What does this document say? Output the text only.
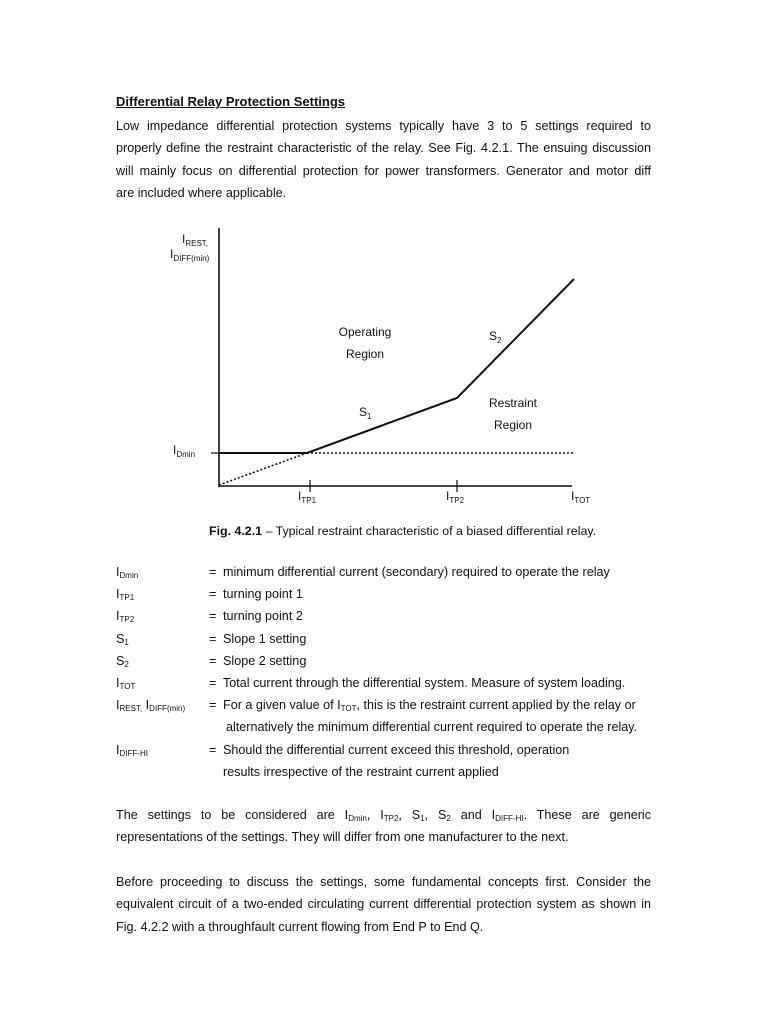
Differential Relay Protection Settings
Low impedance differential protection systems typically have 3 to 5 settings required to
properly define the restraint characteristic of the relay. See Fig. 4.2.1. The ensuing discussion
will mainly focus on differential protection for power transformers. Generator and motor diff
are included where applicable.
$I_{REST,}$
$I_{DIFF(min)}$
$I_{Dmin}$
Operating
Region
Restraint
Region
$S_1$
$S_2$
$I_{TP1}$	$I_{TP2}$	$I_{TOT}$
Fig. 4.2.1 – Typical restraint characteristic of a biased differential relay.
$I_{Dmin}$	= minimum differential current (secondary) required to operate the relay
$I_{TP1}$	= turning point 1
$I_{TP2}$	= turning point 2
$S_1$	= Slope 1 setting
$S_2$	= Slope 2 setting
$I_{TOT}$	= Total current through the differential system. Measure of system loading.
$I_{REST,}$ $I_{DIFF(min)}$ = For a given value of $I_{TOT}$, this is the restraint current applied by the relay or
alternatively the minimum differential current required to operate the relay.
$I_{DIFF-HI}$	= Should the differential current exceed this threshold, operation
results irrespective of the restraint current applied
The settings to be considered are $I_{Dmin}$, $I_{TP2}$, $S_1$, $S_2$ and $I_{DIFF-HI}$. These are generic
representations of the settings. They will differ from one manufacturer to the next.
Before proceeding to discuss the settings, some fundamental concepts first. Consider the
equivalent circuit of a two-ended circulating current differential protection system as shown in
Fig. 4.2.2 with a throughfault current flowing from End P to End Q.
